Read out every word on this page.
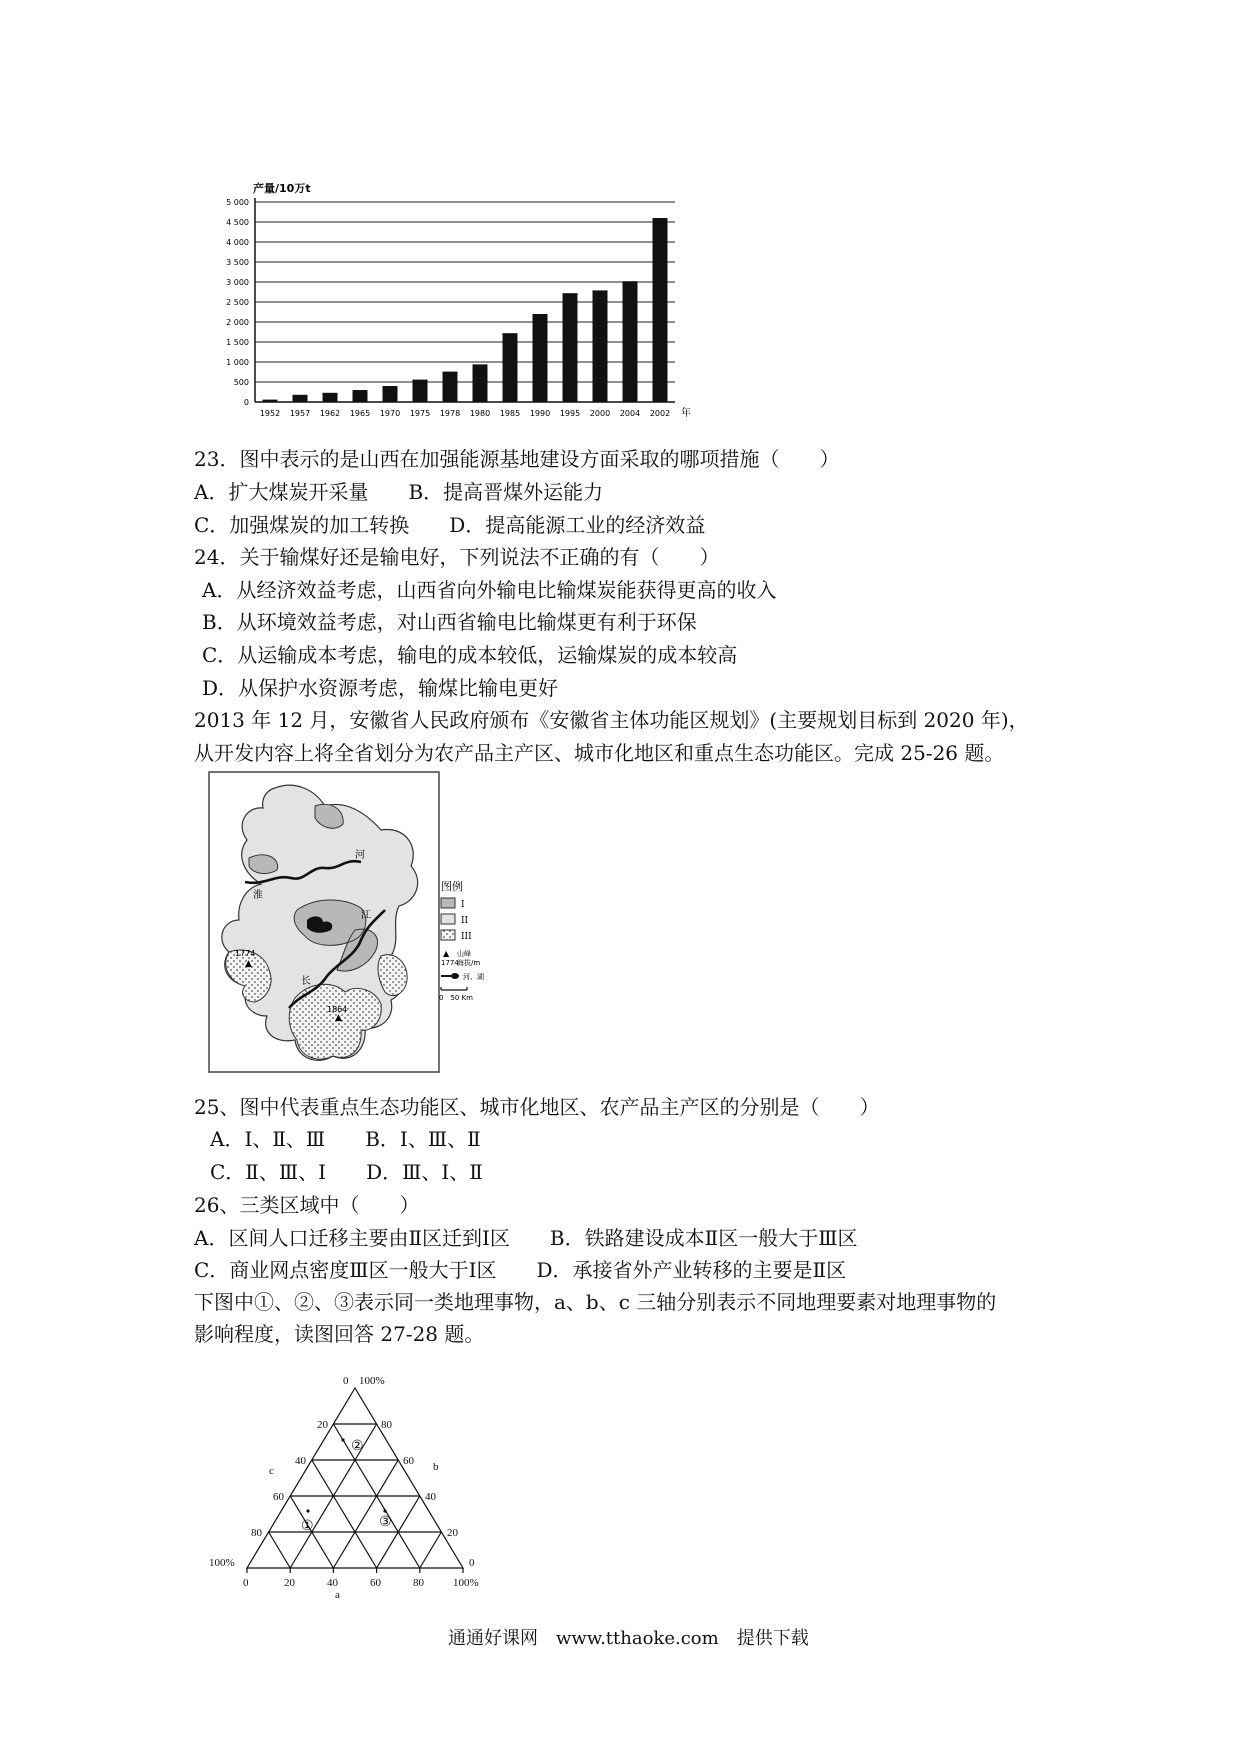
产量/10万t
5 000
4 500
4 000
3 500
3 000
2 500
2 000
1 500
1 000
500
0
1952 1957 1962 1965 1970 1975 1978 1980 1985 1990 1995 2000 2004 2002 年
23．图中表示的是山西在加强能源基地建设方面采取的哪项措施（　　）
A．扩大煤炭开采量　　B．提高晋煤外运能力
C．加强煤炭的加工转换　　D．提高能源工业的经济效益
24．关于输煤好还是输电好，下列说法不正确的有（　　）
A．从经济效益考虑，山西省向外输电比输煤炭能获得更高的收入
B．从环境效益考虑，对山西省输电比输煤更有利于环保
C．从运输成本考虑，输电的成本较低，运输煤炭的成本较高
D．从保护水资源考虑，输煤比输电更好
2013 年 12 月，安徽省人民政府颁布《安徽省主体功能区规划》(主要规划目标到 2020 年)，
从开发内容上将全省划分为农产品主产区、城市化地区和重点生态功能区。完成 25-26 题。
淮
河
长
江
▲
1774
▲
1864
图例
I
II
III
▲ 山峰
1774
海拔/m
河、湖
0　50 Km
25、图中代表重点生态功能区、城市化地区、农产品主产区的分别是（　　）
A．Ⅰ、Ⅱ、Ⅲ　　B．Ⅰ、Ⅲ、Ⅱ
C．Ⅱ、Ⅲ、Ⅰ　　D．Ⅲ、Ⅰ、Ⅱ
26、三类区域中（　　）
A．区间人口迁移主要由Ⅱ区迁到Ⅰ区　　B．铁路建设成本Ⅱ区一般大于Ⅲ区
C．商业网点密度Ⅲ区一般大于Ⅰ区　　D．承接省外产业转移的主要是Ⅱ区
下图中①、②、③表示同一类地理事物，a、b、c 三轴分别表示不同地理要素对地理事物的
影响程度，读图回答 27-28 题。
0 100%
20
40
60
80
80
60
40
20
100%	0
c	b
0	20	40	60	80	100%
a
①
②
③
通通好课网　www.tthaoke.com　提供下载
